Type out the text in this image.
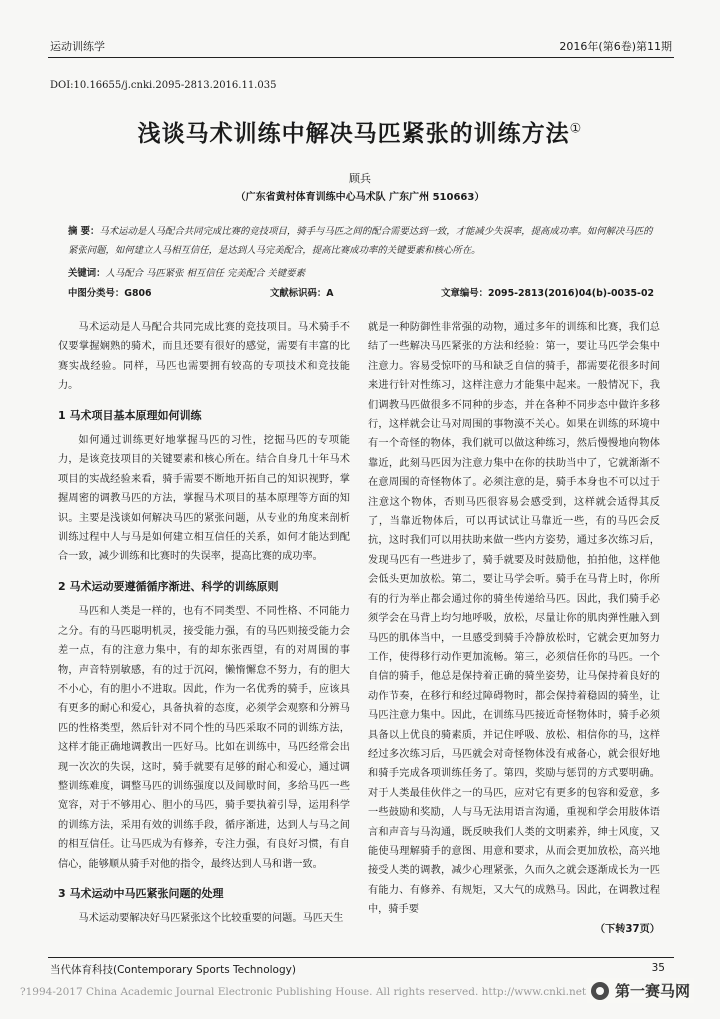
运动训练学	2016年(第6卷)第11期
DOI:10.16655/j.cnki.2095-2813.2016.11.035
浅谈马术训练中解决马匹紧张的训练方法①
顾兵
（广东省黄村体育训练中心马术队 广东广州 510663）
摘 要：马术运动是人马配合共同完成比赛的竞技项目，骑手与马匹之间的配合需要达到一致，才能减少失误率，提高成功率。如何解决马匹的紧张问题，如何建立人马相互信任，是达到人马完美配合，提高比赛成功率的关键要素和核心所在。
关键词：人马配合 马匹紧张 相互信任 完美配合 关键要素
中图分类号：G806	文献标识码：A	文章编号：2095-2813(2016)04(b)-0035-02

马术运动是人马配合共同完成比赛的竞技项目。马术骑手不仅要掌握娴熟的骑术，而且还要有很好的感觉，需要有丰富的比赛实战经验。同样，马匹也需要拥有较高的专项技术和竞技能力。

1 马术项目基本原理如何训练

如何通过训练更好地掌握马匹的习性，挖掘马匹的专项能力，是该竞技项目的关键要素和核心所在。结合自身几十年马术项目的实战经验来看，骑手需要不断地开拓自己的知识视野，掌握周密的调教马匹的方法，掌握马术项目的基本原理等方面的知识。主要是浅谈如何解决马匹的紧张问题，从专业的角度来剖析训练过程中人与马是如何建立相互信任的关系，如何才能达到配合一致，减少训练和比赛时的失误率，提高比赛的成功率。

2 马术运动要遵循循序渐进、科学的训练原则

马匹和人类是一样的，也有不同类型、不同性格、不同能力之分。有的马匹聪明机灵，接受能力强，有的马匹则接受能力会差一点，有的注意力集中，有的却东张西望，有的对周围的事物，声音特别敏感，有的过于沉闷，懒惰懈怠不努力，有的胆大不小心，有的胆小不进取。因此，作为一名优秀的骑手，应该具有更多的耐心和爱心，具备执着的态度，必须学会观察和分辨马匹的性格类型，然后针对不同个性的马匹采取不同的训练方法，这样才能正确地调教出一匹好马。比如在训练中，马匹经常会出现一次次的失误，这时，骑手就要有足够的耐心和爱心，通过调整训练难度，调整马匹的训练强度以及间歇时间，多给马匹一些宽容，对于不够用心、胆小的马匹，骑手要执着引导，运用科学的训练方法，采用有效的训练手段，循序渐进，达到人与马之间的相互信任。让马匹成为有修养，专注力强，有良好习惯，有自信心，能够顺从骑手对他的指令，最终达到人马和谐一致。

3 马术运动中马匹紧张问题的处理

马术运动要解决好马匹紧张这个比较重要的问题。马匹天生

就是一种防御性非常强的动物，通过多年的训练和比赛，我们总结了一些解决马匹紧张的方法和经验：第一，要让马匹学会集中注意力。容易受惊吓的马和缺乏自信的骑手，都需要花很多时间来进行针对性练习，这样注意力才能集中起来。一般情况下，我们调教马匹做很多不同种的步态，并在各种不同步态中做许多移行，这样就会让马对周围的事物漠不关心。如果在训练的环境中有一个奇怪的物体，我们就可以做这种练习，然后慢慢地向物体靠近，此刻马匹因为注意力集中在你的扶助当中了，它就渐渐不在意周围的奇怪物体了。必须注意的是，骑手本身也不可以过于注意这个物体，否则马匹很容易会感受到，这样就会适得其反了，当靠近物体后，可以再试试让马靠近一些，有的马匹会反抗，这时我们可以用扶助来做一些内方姿势，通过多次练习后，发现马匹有一些进步了，骑手就要及时鼓励他，拍拍他，这样他会低头更加放松。第二，要让马学会听。骑手在马背上时，你所有的行为举止都会通过你的骑坐传递给马匹。因此，我们骑手必须学会在马背上均匀地呼吸，放松，尽量让你的肌肉弹性融入到马匹的肌体当中，一旦感受到骑手冷静放松时，它就会更加努力工作，使得移行动作更加流畅。第三，必须信任你的马匹。一个自信的骑手，他总是保持着正确的骑坐姿势，让马保持着良好的动作节奏，在移行和经过障碍物时，都会保持着稳固的骑坐，让马匹注意力集中。因此，在训练马匹接近奇怪物体时，骑手必须具备以上优良的骑素质，并记住呼吸、放松、相信你的马，这样经过多次练习后，马匹就会对奇怪物体没有戒备心，就会很好地和骑手完成各项训练任务了。第四，奖励与惩罚的方式要明确。对于人类最佳伙伴之一的马匹，应对它有更多的包容和爱意，多一些鼓励和奖励，人与马无法用语言沟通，重视和学会用肢体语言和声音与马沟通，既反映我们人类的文明素养，绅士风度，又能使马理解骑手的意图、用意和要求，从而会更加放松，高兴地接受人类的调教，减少心理紧张，久而久之就会逐渐成长为一匹有能力、有修养、有规矩，又大气的成熟马。因此，在调教过程中，骑手要

（下转37页）
当代体育科技(Contemporary Sports Technology)	35
?1994-2017 China Academic Journal Electronic Publishing House. All rights reserved. http://www.cnki.net 第一赛马网
